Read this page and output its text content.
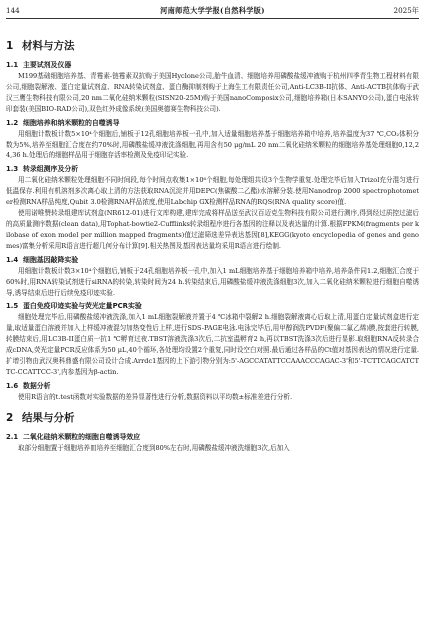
144	河南师范大学学报(自然科学版)	2025年
1 材料与方法
1.1 主要试剂及仪器

M199基础细胞培养基、青霉素-链霉素双抗购于美国Hyclone公司,胎牛血清、细胞培养用磷酸盐缓冲液购于杭州四季青生物工程材料有限公司,细胞裂解液、蛋白定量试剂盒、RNA转染试剂盒、蛋白酶抑制剂购于上海生工有限责任公司,Anti-LC3B-II抗体、Anti-ACTB抗体购于武汉三鹰生物科技有限公司,20 nm二氧化硅纳米颗粒(SISN20-25M)购于美国nanoComposix公司,细胞培养箱(日本SANYO公司),蛋白电泳转印套装(美国BIO-RAD公司),双色红外成像系统(美国奥德赛生物科技公司).

1.2 细胞培养和纳米颗粒的自噬诱导

用细胞计数板计数5×10⁴个细胞后,铺板于12孔细胞培养板一孔中,加入适量细胞培养基于细胞培养箱中培养,培养温度为37 ℃,CO₂体积分数为5%,培养至细胞汇合度在约70%时,用磷酸盐缓冲液洗涤细胞,再用含有50 μg/mL 20 nm二氧化硅纳米颗粒的细胞培养基处理细胞0,12,24,36 h.处理后的细胞样品用于细胞存活率检测及免疫印记实验.

1.3 转录组测序及分析

用二氧化硅纳米颗粒处理细胞不同时间段,每个时间点收集1×10⁶个细胞,每处理组共设3个生物学重复.处理完毕后加入Trizol充分混匀进行低温保存.利用有机溶剂多次离心取上清的方法获取RNA沉淀并用DEPC(焦碳酸二乙酯)水溶解分装.使用Nanodrop 2000 spectrophotometer检测RNA样品纯度,Qubit 3.0检测RNA样品浓度,使用Labchip GX检测样品RNA的RQS(RNA quality score)值.

使用诺唯赞转录组建库试剂盒(NR612-01)进行文库构建,建库完成将样品送至武汉百迈克生物科技有限公司进行测序,得到经过质控过滤后的高质量测序数据(clean data),用Tophat-bowtie2-Cufflinks转录组程序进行各基因的注释以及表达量的计算.根据FPKM(fragments per kilobase of exon model per million mapped fragments)值过滤筛选差异表达基因[8],KEGG(kyoto encyclopedia of genes and genomes)富集分析采用R语言进行超几何分布计算[9].相关热图及基因表达量均采用R语言进行绘制.

1.4 细胞基因敲降实验

用细胞计数板计数3×10⁴个细胞后,铺板于24孔细胞培养板一孔中,加入1 mL细胞培养基于细胞培养箱中培养,培养条件同1.2,细胞汇合度于60%时,用RNA转染试剂进行siRNA的转染,转染时间为24 h.转染结束后,用磷酸盐缓冲液洗涤细胞3次,加入二氧化硅纳米颗粒进行细胞自噬诱导,诱导结束后进行后续免疫印迹实验.

1.5 蛋白免疫印迹实验与荧光定量PCR实验

细胞处理完毕后,用磷酸盐缓冲液洗涤,加入1 mL细胞裂解液并置于4 ℃冰箱中裂解2 h.细胞裂解液离心后取上清,用蛋白定量试剂盒进行定量,取适量蛋白溶液并加入上样缓冲液混匀加热变性后上样,进行SDS-PAGE电泳.电泳完毕后,用甲醇润洗PVDF(聚偏二氟乙烯)膜,按套进行转膜,转膜结束后,用LC3B-II蛋白质一抗1 ℃孵育过夜.TBST溶液洗涤3次后,二抗室温孵育2 h,再以TBST洗涤3次后进行显影.取细胞RNA反转录合成cDNA,荧光定量PCR反应体系为50 μL,40个循环,各处理均设置2个重复,同时设空白对照.最后通过各样品的Ct值对基因表达的情况进行定量.扩增引物由武汉奥科鼎盛有限公司设计合成.Arrdc1基因的上下游引物分别为:5'-AGCCATATTCCAAACCCAGAC-3'和5'-TCTTCAGCATCTTC-CCATTCC-3',内参基因为β-actin.

1.6 数据分析

使用R语言的t.test函数对实验数据的差异显著性进行分析,数据资料以平均数±标准差进行分析.

2 结果与分析
2.1 二氧化硅纳米颗粒的细胞自噬诱导效应

取部分细胞置于细胞培养皿培养至细胞汇合度到80%左右时,用磷酸盐缓冲液洗细胞3次,后加入
